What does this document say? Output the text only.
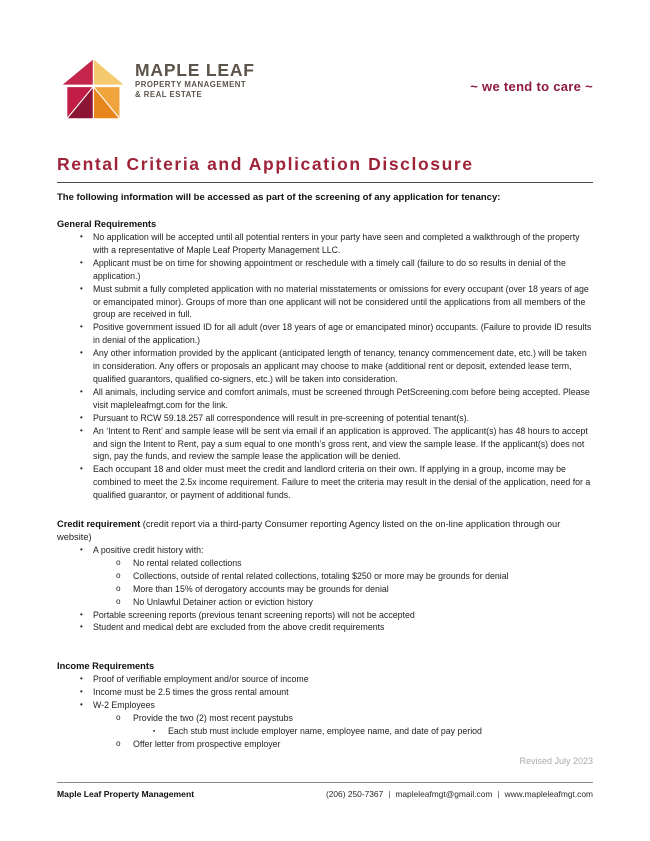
MAPLE LEAF
PROPERTY MANAGEMENT
& REAL ESTATE
~ we tend to care ~
Rental Criteria and Application Disclosure

The following information will be accessed as part of the screening of any application for tenancy:

General Requirements
• No application will be accepted until all potential renters in your party have seen and completed a walkthrough of the property with a representative of Maple Leaf Property Management LLC.
• Applicant must be on time for showing appointment or reschedule with a timely call (failure to do so results in denial of the application.)
• Must submit a fully completed application with no material misstatements or omissions for every occupant (over 18 years of age or emancipated minor). Groups of more than one applicant will not be considered until the applications from all members of the group are received in full.
• Positive government issued ID for all adult (over 18 years of age or emancipated minor) occupants. (Failure to provide ID results in denial of the application.)
• Any other information provided by the applicant (anticipated length of tenancy, tenancy commencement date, etc.) will be taken in consideration. Any offers or proposals an applicant may choose to make (additional rent or deposit, extended lease term, qualified guarantors, qualified co-signers, etc.) will be taken into consideration.
• All animals, including service and comfort animals, must be screened through PetScreening.com before being accepted. Please visit mapleleafmgt.com for the link.
• Pursuant to RCW 59.18.257 all correspondence will result in pre-screening of potential tenant(s).
• An ‘Intent to Rent’ and sample lease will be sent via email if an application is approved. The applicant(s) has 48 hours to accept and sign the Intent to Rent, pay a sum equal to one month’s gross rent, and view the sample lease. If the applicant(s) does not sign, pay the funds, and review the sample lease the application will be denied.
• Each occupant 18 and older must meet the credit and landlord criteria on their own. If applying in a group, income may be combined to meet the 2.5x income requirement. Failure to meet the criteria may result in the denial of the application, need for a qualified guarantor, or payment of additional funds.
Credit requirement (credit report via a third-party Consumer reporting Agency listed on the on-line application through our website)
• A positive credit history with:
o No rental related collections
o Collections, outside of rental related collections, totaling $250 or more may be grounds for denial
o More than 15% of derogatory accounts may be grounds for denial
o No Unlawful Detainer action or eviction history
• Portable screening reports (previous tenant screening reports) will not be accepted
• Student and medical debt are excluded from the above credit requirements
Income Requirements
• Proof of verifiable employment and/or source of income
• Income must be 2.5 times the gross rental amount
• W-2 Employees
o Provide the two (2) most recent paystubs
▪ Each stub must include employer name, employee name, and date of pay period
o Offer letter from prospective employer
Revised July 2023
Maple Leaf Property Management	(206) 250-7367 | mapleleafmgt@gmail.com | www.mapleleafmgt.com
